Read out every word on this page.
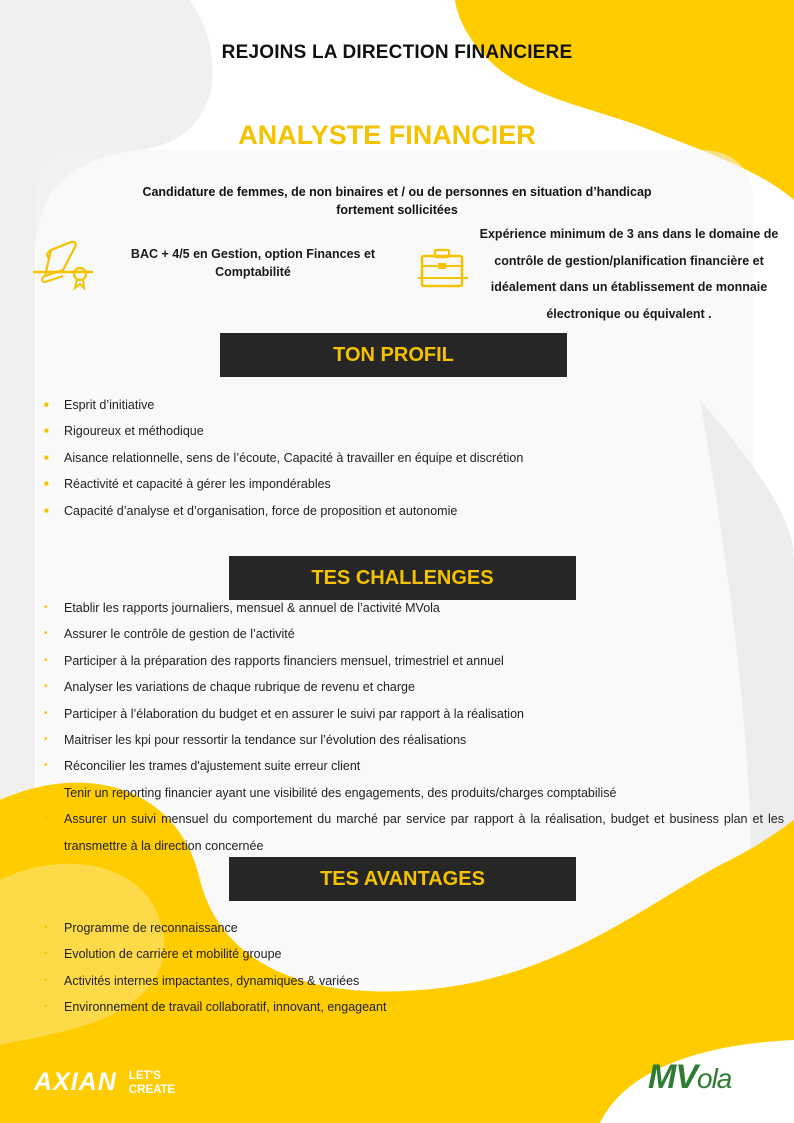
REJOINS LA DIRECTION FINANCIERE
ANALYSTE FINANCIER
Candidature de femmes, de non binaires et / ou de personnes en situation d’handicap
fortement sollicitées
BAC + 4/5 en Gestion, option Finances et
Comptabilité
Expérience minimum de 3 ans dans le domaine de
contrôle de gestion/planification financière et
idéalement dans un établissement de monnaie
électronique ou équivalent .
TON PROFIL
■ Esprit d’initiative
■ Rigoureux et méthodique
■ Aisance relationnelle, sens de l’écoute, Capacité à travailler en équipe et discrétion
■ Réactivité et capacité à gérer les impondérables
■ Capacité d’analyse et d’organisation, force de proposition et autonomie
TES CHALLENGES
• Etablir les rapports journaliers, mensuel & annuel de l’activité MVola
• Assurer le contrôle de gestion de l’activité
• Participer à la préparation des rapports financiers mensuel, trimestriel et annuel
• Analyser les variations de chaque rubrique de revenu et charge
• Participer à l’élaboration du budget et en assurer le suivi par rapport à la réalisation
• Maitriser les kpi pour ressortir la tendance sur l’évolution des réalisations
• Réconcilier les trames d'ajustement suite erreur client
• Tenir un reporting financier ayant une visibilité des engagements, des produits/charges comptabilisé
• Assurer un suivi mensuel du comportement du marché par service par rapport à la réalisation, budget et business plan et les transmettre à la direction concernée
TES AVANTAGES
• Programme de reconnaissance
• Evolution de carrière et mobilité groupe
• Activités internes impactantes, dynamiques & variées
• Environnement de travail collaboratif, innovant, engageant
AXIAN LET'S
CREATE	MVola
